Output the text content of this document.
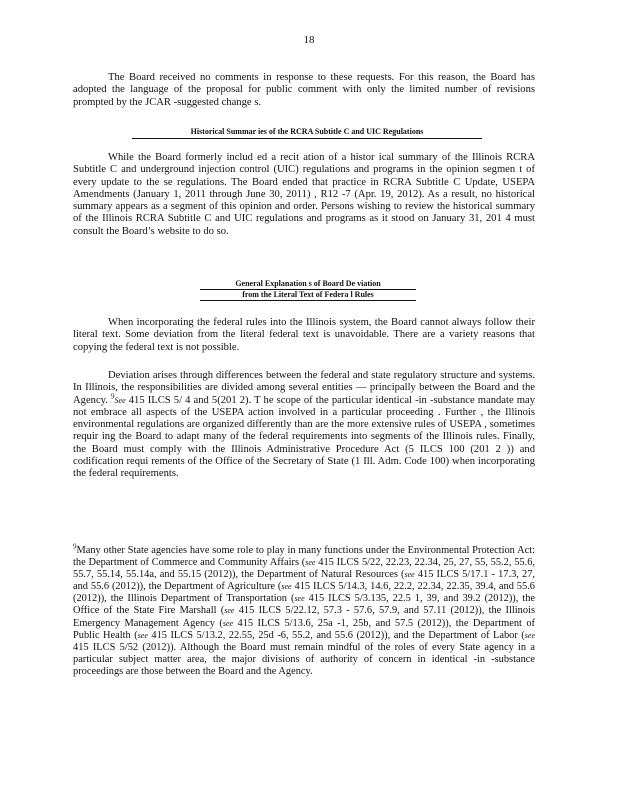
18

The Board received no comments in response to these requests. For this reason, the Board has adopted the language of the proposal for public comment with only the limited number of revisions prompted by the JCAR -suggested change s.

Historical Summar ies of the RCRA Subtitle C and UIC Regulations

While the Board formerly includ ed a recit ation of a histor ical summary of the Illinois RCRA Subtitle C and underground injection control (UIC) regulations and programs in the opinion segmen t of every update to the se regulations. The Board ended that practice in RCRA Subtitle C Update, USEPA Amendments (January 1, 2011 through June 30, 2011) , R12 -7 (Apr. 19, 2012). As a result, no historical summary appears as a segment of this opinion and order. Persons wishing to review the historical summary of the Illinois RCRA Subtitle C and UIC regulations and programs as it stood on January 31, 201 4 must consult the Board’s website to do so.

General Explanation s of Board De viation
from the Literal Text of Federa l Rules

When incorporating the federal rules into the Illinois system, the Board cannot always follow their literal text. Some deviation from the literal federal text is unavoidable. There are a variety reasons that copying the federal text is not possible.

Deviation arises through differences between the federal and state regulatory structure and systems. In Illinois, the responsibilities are divided among several entities — principally between the Board and the Agency. $^9$See 415 ILCS 5/ 4 and 5(201 2). T he scope of the particular identical -in -substance mandate may not embrace all aspects of the USEPA action involved in a particular proceeding . Further , the Illinois environmental regulations are organized differently than are the more extensive rules of USEPA , sometimes requir ing the Board to adapt many of the federal requirements into segments of the Illinois rules. Finally, the Board must comply with the Illinois Administrative Procedure Act (5 ILCS 100 (201 2 )) and codification requi rements of the Office of the Secretary of State (1 Ill. Adm. Code 100) when incorporating the federal requirements.

$^9$Many other State agencies have some role to play in many functions under the Environmental Protection Act: the Department of Commerce and Community Affairs (see 415 ILCS 5/22, 22.23, 22.34, 25, 27, 55, 55.2, 55.6, 55.7, 55.14, 55.14a, and 55.15 (2012)), the Department of Natural Resources (see 415 ILCS 5/17.1 - 17.3, 27, and 55.6 (2012)), the Department of Agriculture (see 415 ILCS 5/14.3, 14.6, 22.2, 22.34, 22.35, 39.4, and 55.6 (2012)), the Illinois Department of Transportation (see 415 ILCS 5/3.135, 22.5 1, 39, and 39.2 (2012)), the Office of the State Fire Marshall (see 415 ILCS 5/22.12, 57.3 - 57.6, 57.9, and 57.11 (2012)), the Illinois Emergency Management Agency (see 415 ILCS 5/13.6, 25a -1, 25b, and 57.5 (2012)), the Department of Public Health (see 415 ILCS 5/13.2, 22.55, 25d -6, 55.2, and 55.6 (2012)), and the Department of Labor (see 415 ILCS 5/52 (2012)). Although the Board must remain mindful of the roles of every State agency in a particular subject matter area, the major divisions of authority of concern in identical -in -substance proceedings are those between the Board and the Agency.
